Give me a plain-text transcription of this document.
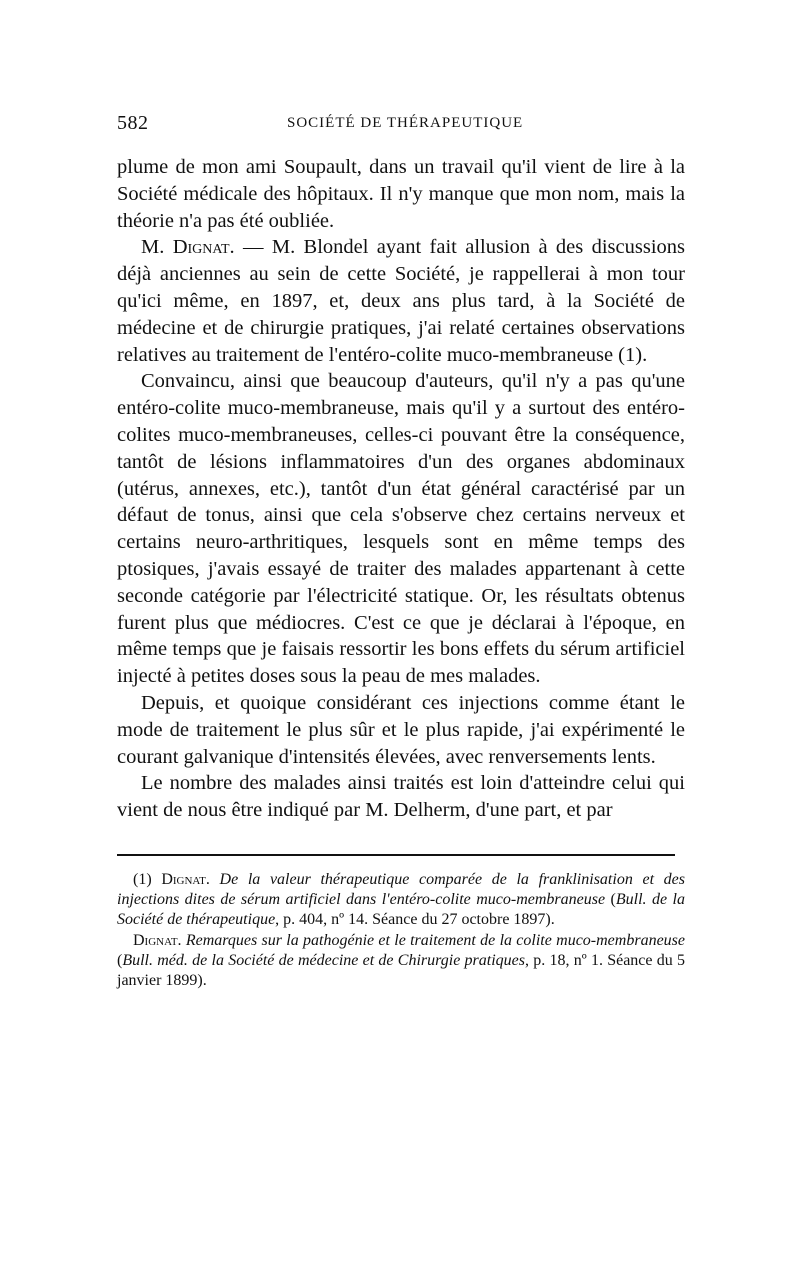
582	SOCIÉTÉ DE THÉRAPEUTIQUE

plume de mon ami Soupault, dans un travail qu'il vient de lire à la Société médicale des hôpitaux. Il n'y manque que mon nom, mais la théorie n'a pas été oubliée.

M. Dignat. — M. Blondel ayant fait allusion à des discussions déjà anciennes au sein de cette Société, je rappellerai à mon tour qu'ici même, en 1897, et, deux ans plus tard, à la Société de médecine et de chirurgie pratiques, j'ai relaté certaines observations relatives au traitement de l'entéro-colite muco-membraneuse (1).

Convaincu, ainsi que beaucoup d'auteurs, qu'il n'y a pas qu'une entéro-colite muco-membraneuse, mais qu'il y a surtout des entéro-colites muco-membraneuses, celles-ci pouvant être la conséquence, tantôt de lésions inflammatoires d'un des organes abdominaux (utérus, annexes, etc.), tantôt d'un état général caractérisé par un défaut de tonus, ainsi que cela s'observe chez certains nerveux et certains neuro-arthritiques, lesquels sont en même temps des ptosiques, j'avais essayé de traiter des malades appartenant à cette seconde catégorie par l'électricité statique. Or, les résultats obtenus furent plus que médiocres. C'est ce que je déclarai à l'époque, en même temps que je faisais ressortir les bons effets du sérum artificiel injecté à petites doses sous la peau de mes malades.

Depuis, et quoique considérant ces injections comme étant le mode de traitement le plus sûr et le plus rapide, j'ai expérimenté le courant galvanique d'intensités élevées, avec renversements lents.

Le nombre des malades ainsi traités est loin d'atteindre celui qui vient de nous être indiqué par M. Delherm, d'une part, et par

(1) Dignat. De la valeur thérapeutique comparée de la franklinisation et des injections dites de sérum artificiel dans l'entéro-colite muco-membraneuse (Bull. de la Société de thérapeutique, p. 404, nº 14. Séance du 27 octobre 1897).

Dignat. Remarques sur la pathogénie et le traitement de la colite muco-membraneuse (Bull. méd. de la Société de médecine et de Chirurgie pratiques, p. 18, nº 1. Séance du 5 janvier 1899).
